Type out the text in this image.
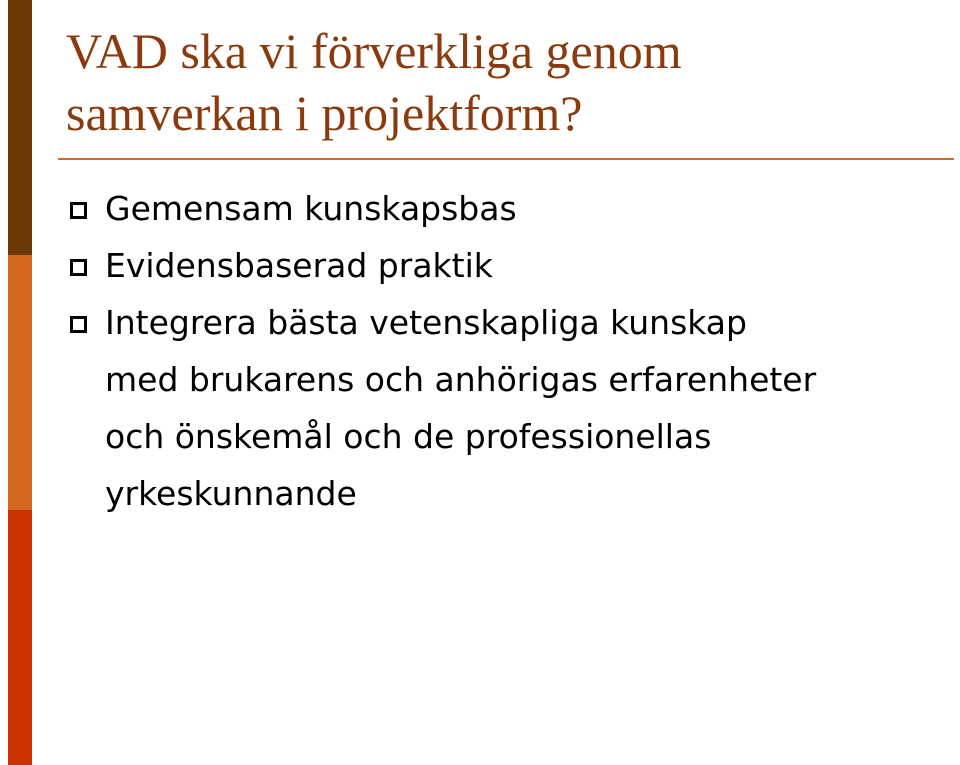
VAD ska vi förverkliga genom
samverkan i projektform?
Gemensam kunskapsbas
Evidensbaserad praktik
Integrera bästa vetenskapliga kunskap
med brukarens och anhörigas erfarenheter
och önskemål och de professionellas
yrkeskunnande
